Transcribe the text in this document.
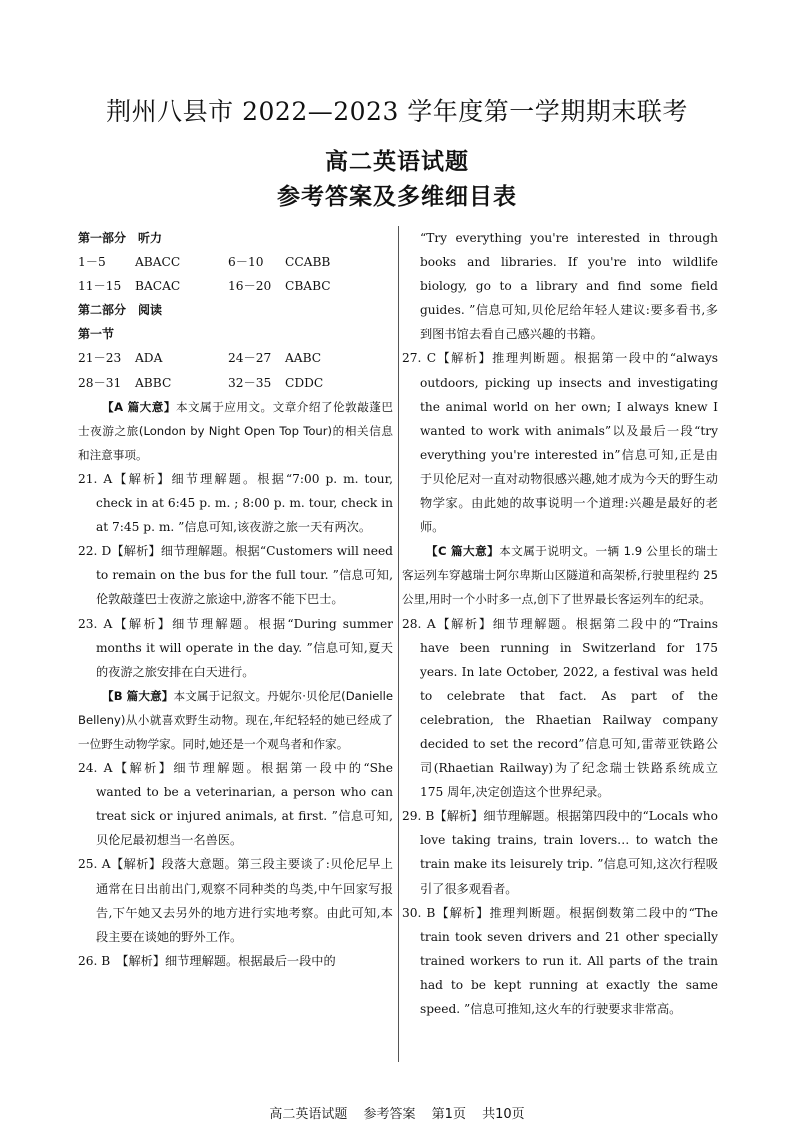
荆州八县市 2022—2023 学年度第一学期期末联考
高二英语试题
参考答案及多维细目表
第一部分　听力
1－5	ABACC	6－10	CCABB
11－15	BACAC	16－20	CBABC
第二部分　阅读
第一节
21－23	ADA	24－27	AABC
28－31	ABBC	32－35	CDDC

【A 篇大意】本文属于应用文。文章介绍了伦敦敲蓬巴士夜游之旅(London by Night Open Top Tour)的相关信息和注意事项。

21. A【解析】细节理解题。根据“7:00 p. m. tour, check in at 6:45 p. m. ; 8:00 p. m. tour, check in at 7:45 p. m. ”信息可知,该夜游之旅一天有两次。

22. D【解析】细节理解题。根据“Customers will need to remain on the bus for the full tour. ”信息可知,伦敦敲蓬巴士夜游之旅途中,游客不能下巴士。

23. A【解析】细节理解题。根据“During summer months it will operate in the day. ”信息可知,夏天的夜游之旅安排在白天进行。

【B 篇大意】本文属于记叙文。丹妮尔·贝伦尼(Danielle Belleny)从小就喜欢野生动物。现在,年纪轻轻的她已经成了一位野生动物学家。同时,她还是一个观鸟者和作家。

24. A【解析】细节理解题。根据第一段中的“She wanted to be a veterinarian, a person who can treat sick or injured animals, at first. ”信息可知,贝伦尼最初想当一名兽医。

25. A【解析】段落大意题。第三段主要谈了:贝伦尼早上通常在日出前出门,观察不同种类的鸟类,中午回家写报告,下午她又去另外的地方进行实地考察。由此可知,本段主要在谈她的野外工作。

26. B　【解析】细节理解题。根据最后一段中的

“Try everything you're interested in through books and libraries. If you're into wildlife biology, go to a library and find some field guides. ”信息可知,贝伦尼给年轻人建议:要多看书,多到图书馆去看自己感兴趣的书籍。

27. C【解析】推理判断题。根据第一段中的“always outdoors, picking up insects and investigating the animal world on her own; I always knew I wanted to work with animals”以及最后一段“try everything you're interested in”信息可知,正是由于贝伦尼对一直对动物很感兴趣,她才成为今天的野生动物学家。由此她的故事说明一个道理:兴趣是最好的老师。

【C 篇大意】本文属于说明文。一辆 1.9 公里长的瑞士客运列车穿越瑞士阿尔卑斯山区隧道和高架桥,行驶里程约 25 公里,用时一个小时多一点,创下了世界最长客运列车的纪录。

28. A【解析】细节理解题。根据第二段中的“Trains have been running in Switzerland for 175 years. In late October, 2022, a festival was held to celebrate that fact. As part of the celebration, the Rhaetian Railway company decided to set the record”信息可知,雷蒂亚铁路公司(Rhaetian Railway)为了纪念瑞士铁路系统成立 175 周年,决定创造这个世界纪录。

29. B【解析】细节理解题。根据第四段中的“Locals who love taking trains, train lovers… to watch the train make its leisurely trip. ”信息可知,这次行程吸引了很多观看者。

30. B【解析】推理判断题。根据倒数第二段中的“The train took seven drivers and 21 other specially trained workers to run it. All parts of the train had to be kept running at exactly the same speed. ”信息可推知,这火车的行驶要求非常高。

高二英语试题 参考答案 第1页 共10页
